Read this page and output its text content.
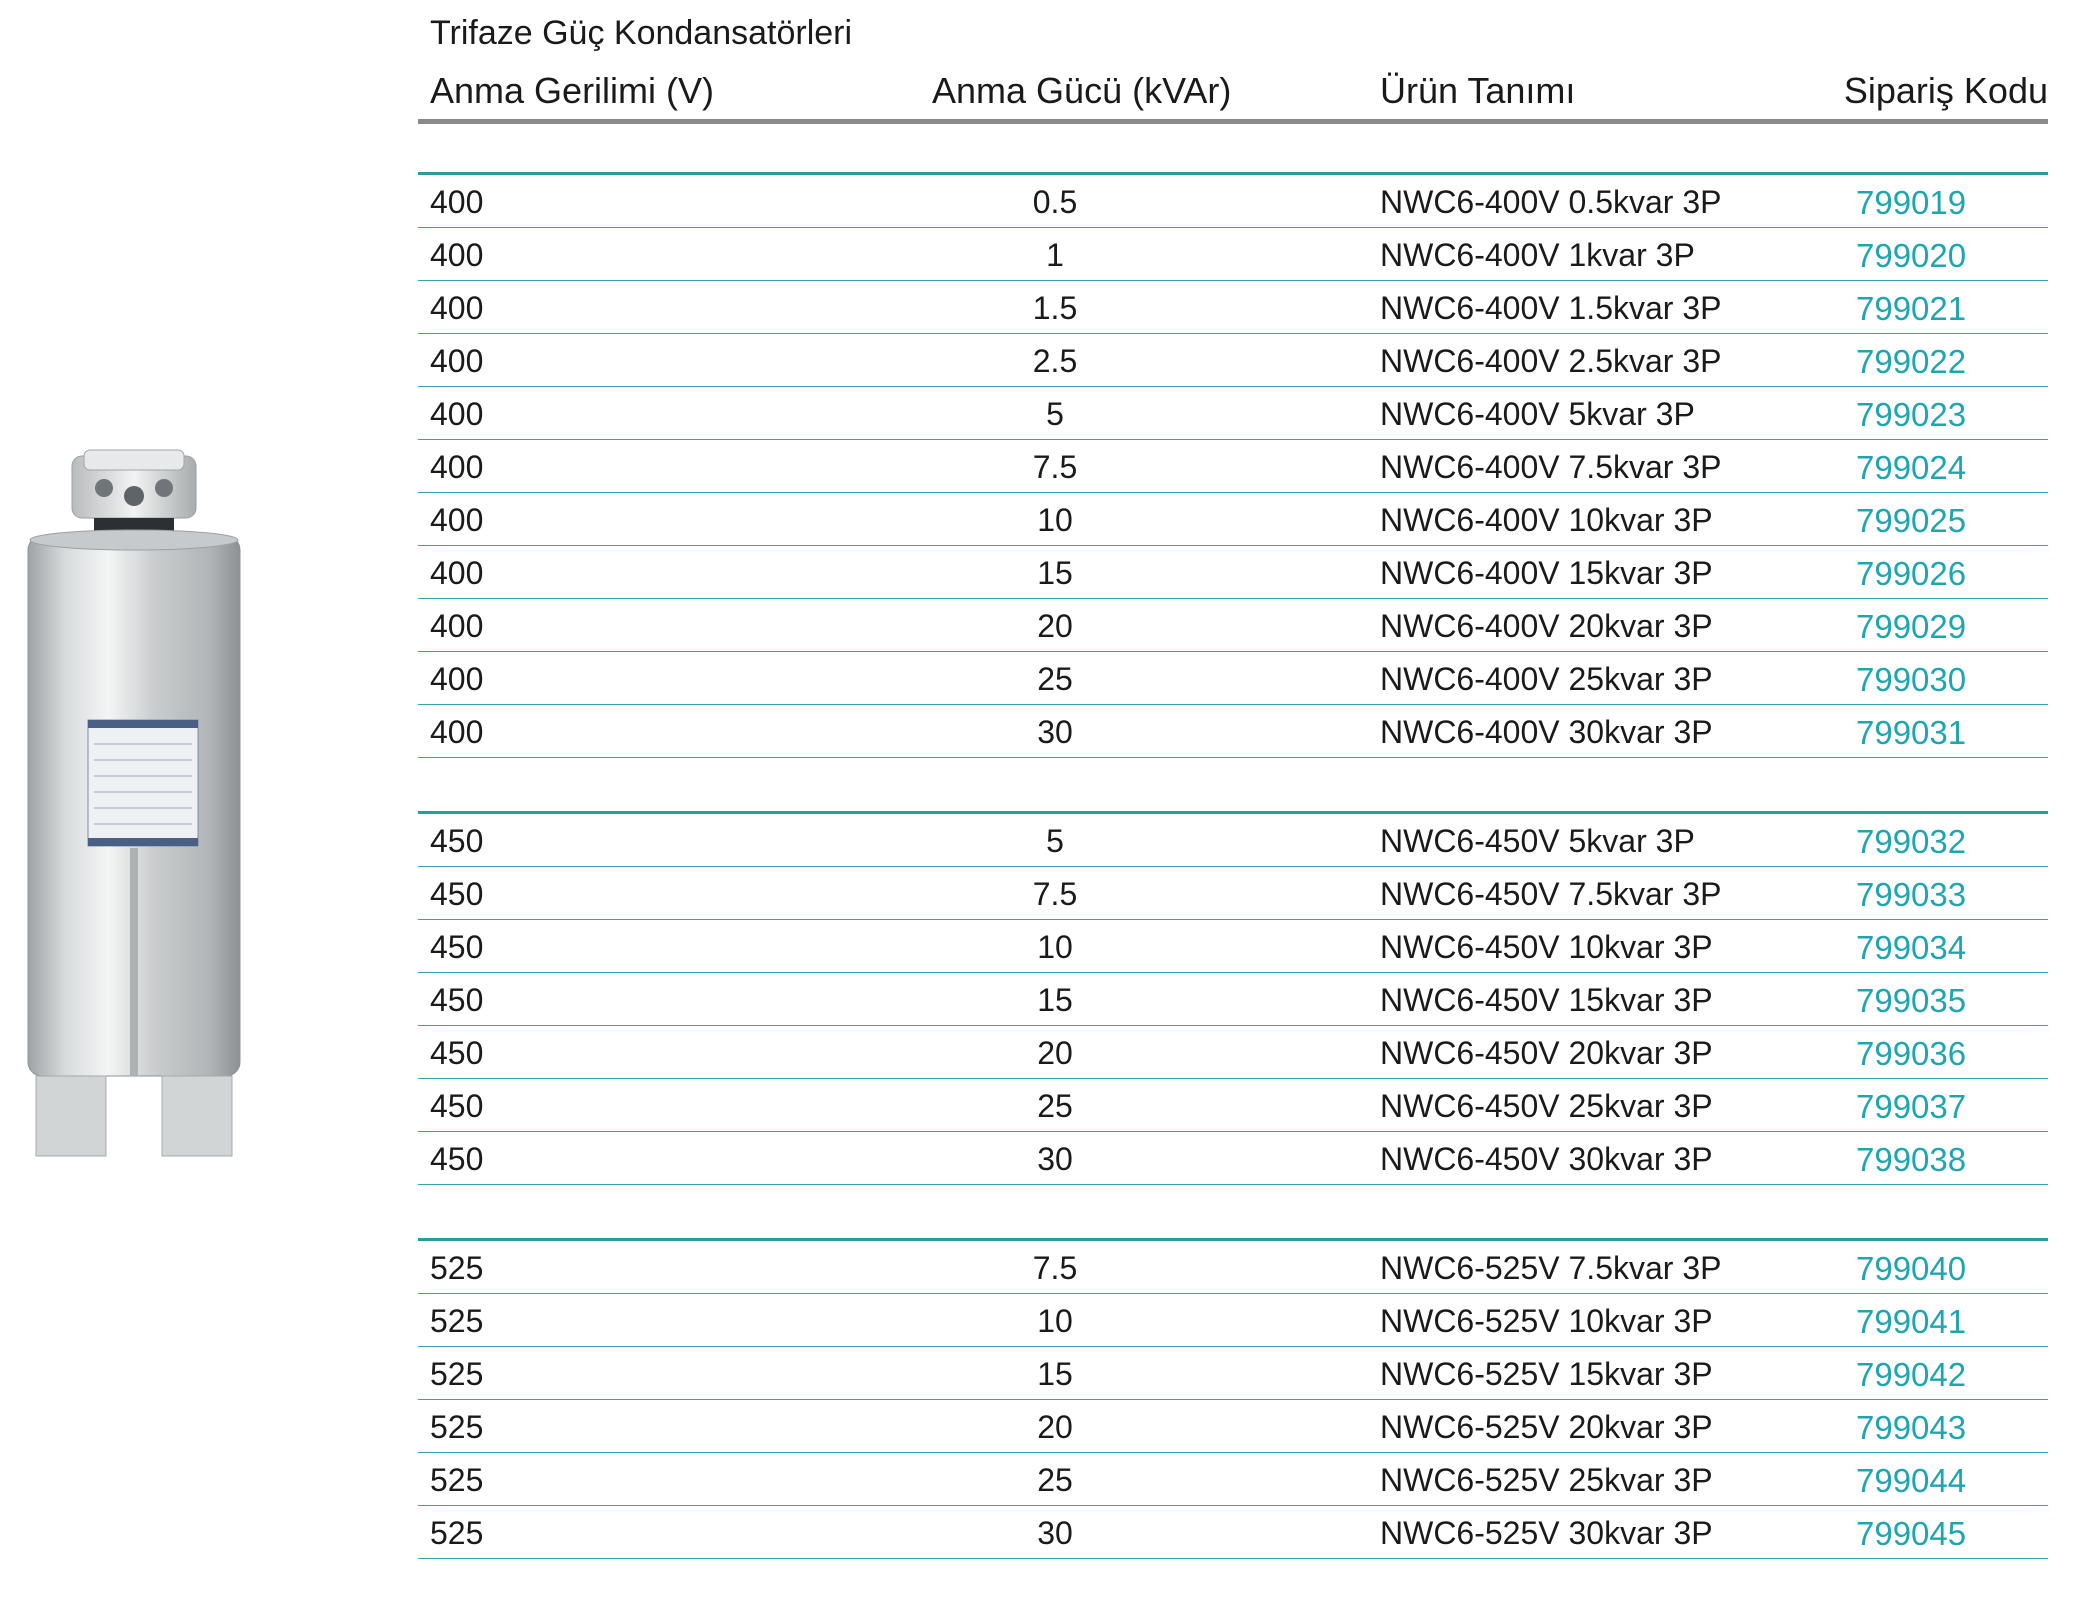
Trifaze Güç Kondansatörleri
Anma Gerilimi (V)	Anma Gücü (kVAr)	Ürün Tanımı	Sipariş Kodu
400	0.5	NWC6-400V 0.5kvar 3P	799019
400	1	NWC6-400V 1kvar 3P	799020
400	1.5	NWC6-400V 1.5kvar 3P	799021
400	2.5	NWC6-400V 2.5kvar 3P	799022
400	5	NWC6-400V 5kvar 3P	799023
400	7.5	NWC6-400V 7.5kvar 3P	799024
400	10	NWC6-400V 10kvar 3P	799025
400	15	NWC6-400V 15kvar 3P	799026
400	20	NWC6-400V 20kvar 3P	799029
400	25	NWC6-400V 25kvar 3P	799030
400	30	NWC6-400V 30kvar 3P	799031
450	5	NWC6-450V 5kvar 3P	799032
450	7.5	NWC6-450V 7.5kvar 3P	799033
450	10	NWC6-450V 10kvar 3P	799034
450	15	NWC6-450V 15kvar 3P	799035
450	20	NWC6-450V 20kvar 3P	799036
450	25	NWC6-450V 25kvar 3P	799037
450	30	NWC6-450V 30kvar 3P	799038
525	7.5	NWC6-525V 7.5kvar 3P	799040
525	10	NWC6-525V 10kvar 3P	799041
525	15	NWC6-525V 15kvar 3P	799042
525	20	NWC6-525V 20kvar 3P	799043
525	25	NWC6-525V 25kvar 3P	799044
525	30	NWC6-525V 30kvar 3P	799045
